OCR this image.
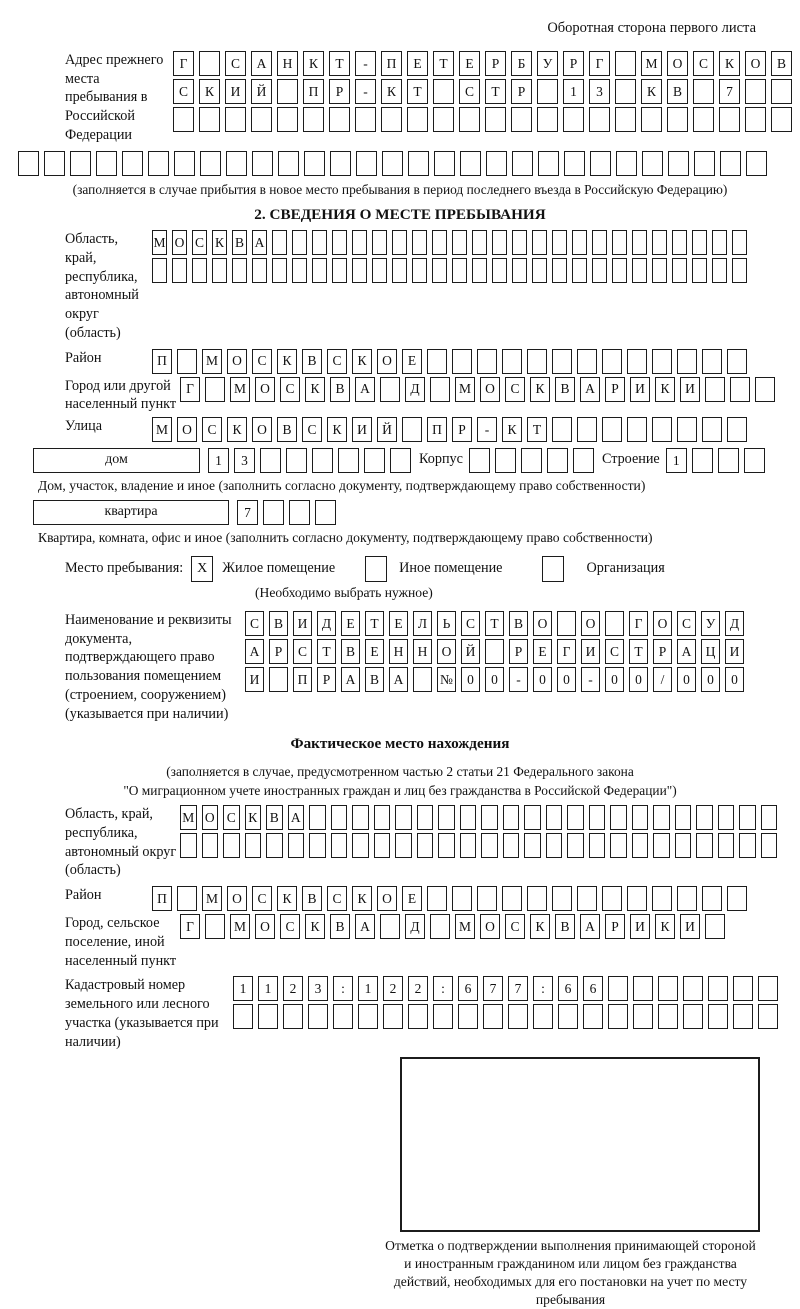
Оборотная сторона первого листа
Адрес прежнего места пребывания в Российской Федерации
Г	С	А	Н	К	Т	-	П	Е	Т	Е	Р	Б	У	Р	Г	М	О	С	К	О	В
С	К	И	Й	П	Р	-	К	Т	С	Т	Р	1	3	К	В	7
(заполняется в случае прибытия в новое место пребывания в период последнего въезда в Российскую Федерацию)
2. СВЕДЕНИЯ О МЕСТЕ ПРЕБЫВАНИЯ
Область, край, республика, автономный округ (область)
М О С К В А
Район	П	М	О	С	К	В	С	К	О	Е
Город или другой населенный пункт
Г	М	О	С	К	В	А	Д	М	О	С	К	В	А	Р	И	К	И
Улица	М	О	С	К	О	В	С	К	И	Й	П	Р	-	К	Т
дом	1	3	Корпус	Строение 1
Дом, участок, владение и иное (заполнить согласно документу, подтверждающему право собственности)
квартира	7
Квартира, комната, офис и иное (заполнить согласно документу, подтверждающему право собственности)
Место пребывания: X	Жилое помещение	Иное помещение	Организация
(Необходимо выбрать нужное)
Наименование и реквизиты документа, подтверждающего право пользования помещением (строением, сооружением) (указывается при наличии)
С	В	И	Д	Е	Т	Е	Л	Ь	С	Т	В	О	О	Г	О	С	У	Д
А	Р	С	Т	В	Е	Н	Н	О	Й	Р	Е	Г	И	С	Т	Р	А	Ц	И
И	П	Р	А	В	А	№	0	0	-	0	0	-	0	0	/	0	0	0
Фактическое место нахождения
(заполняется в случае, предусмотренном частью 2 статьи 21 Федерального закона
"О миграционном учете иностранных граждан и лиц без гражданства в Российской Федерации")
Область, край, республика, автономный округ (область)
М О С К В А
Район	П	М	О	С	К	В	С	К	О	Е
Город, сельское поселение, иной населенный пункт
Г	М	О	С	К	В	А	Д	М	О	С	К	В	А	Р	И	К	И
Кадастровый номер земельного или лесного участка (указывается при наличии)
1	1	2	3	:	1	2	2	:	6	7	7	:	6	6
Отметка о подтверждении выполнения принимающей стороной и иностранным гражданином или лицом без гражданства действий, необходимых для его постановки на учет по месту пребывания
